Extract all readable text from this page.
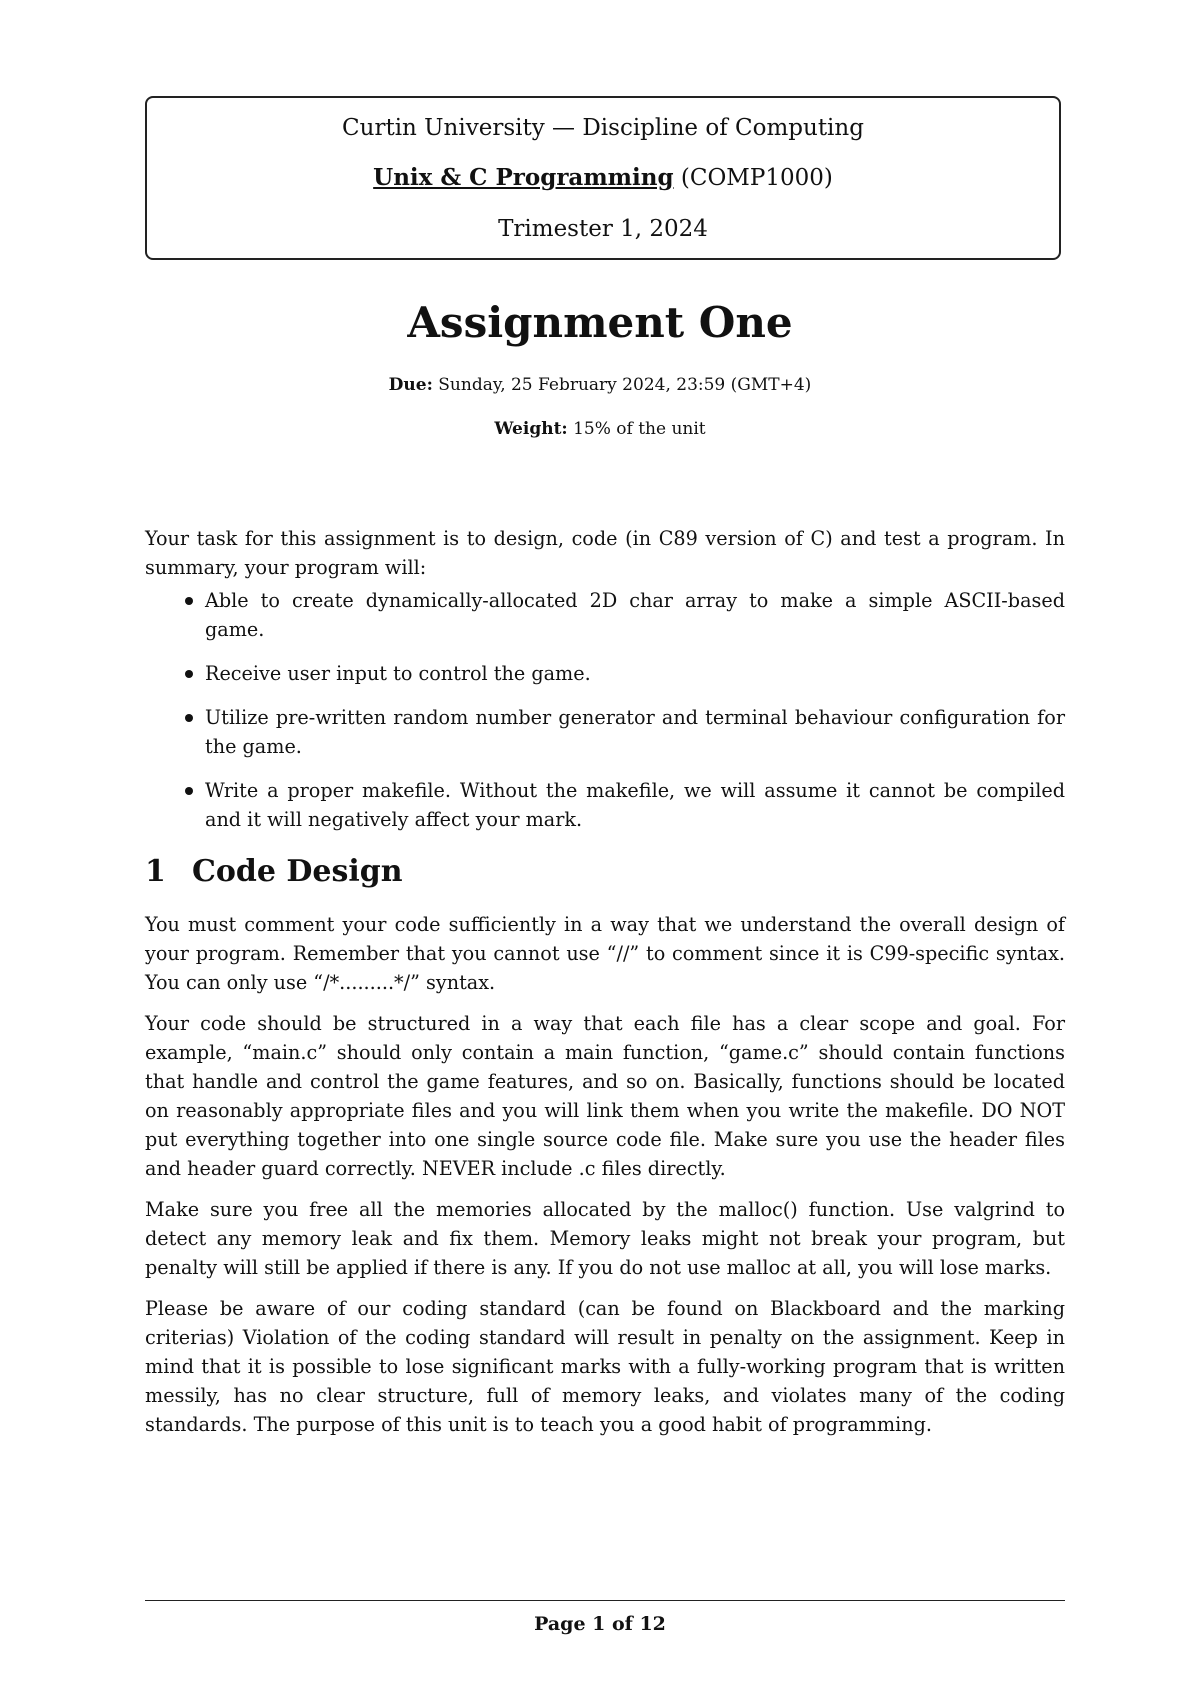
Curtin University — Discipline of Computing
Unix & C Programming (COMP1000)
Trimester 1, 2024
Assignment One
Due: Sunday, 25 February 2024, 23:59 (GMT+4)
Weight: 15% of the unit
Your task for this assignment is to design, code (in C89 version of C) and test a program. In summary, your program will:
Able to create dynamically-allocated 2D char array to make a simple ASCII-based game.
Receive user input to control the game.
Utilize pre-written random number generator and terminal behaviour configuration for the game.
Write a proper makefile. Without the makefile, we will assume it cannot be compiled and it will negatively affect your mark.
1 Code Design

You must comment your code sufficiently in a way that we understand the overall design of your program. Remember that you cannot use “//” to comment since it is C99-specific syntax. You can only use “/*.........*/” syntax.

Your code should be structured in a way that each file has a clear scope and goal. For example, “main.c” should only contain a main function, “game.c” should contain functions that handle and control the game features, and so on. Basically, functions should be located on reasonably appropriate files and you will link them when you write the makefile. DO NOT put everything together into one single source code file. Make sure you use the header files and header guard correctly. NEVER include .c files directly.

Make sure you free all the memories allocated by the malloc() function. Use valgrind to detect any memory leak and fix them. Memory leaks might not break your program, but penalty will still be applied if there is any. If you do not use malloc at all, you will lose marks.

Please be aware of our coding standard (can be found on Blackboard and the marking criterias) Violation of the coding standard will result in penalty on the assignment. Keep in mind that it is possible to lose significant marks with a fully-working program that is written messily, has no clear structure, full of memory leaks, and violates many of the coding standards. The purpose of this unit is to teach you a good habit of programming.

Page 1 of 12
